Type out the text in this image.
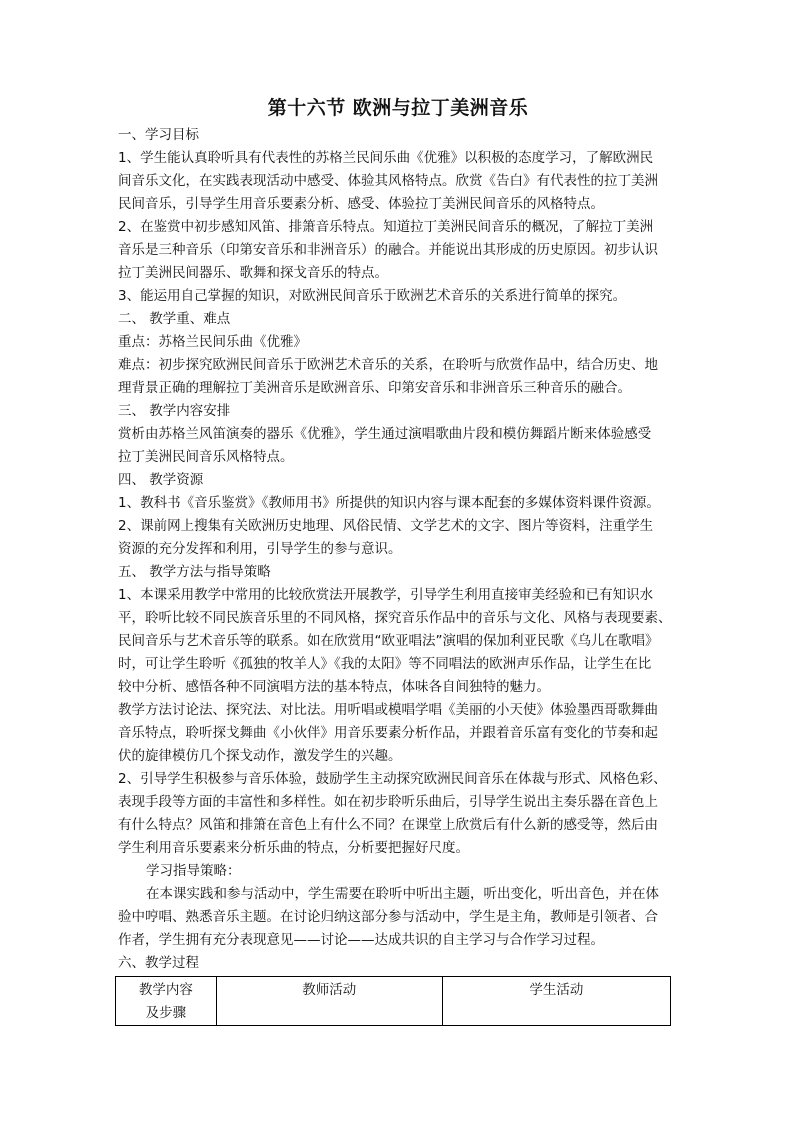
第十六节 欧洲与拉丁美洲音乐

一、学习目标

1、学生能认真聆听具有代表性的苏格兰民间乐曲《优雅》以积极的态度学习，了解欧洲民

间音乐文化，在实践表现活动中感受、体验其风格特点。欣赏《告白》有代表性的拉丁美洲

民间音乐，引导学生用音乐要素分析、感受、体验拉丁美洲民间音乐的风格特点。

2、在鉴赏中初步感知风笛、排箫音乐特点。知道拉丁美洲民间音乐的概况，了解拉丁美洲

音乐是三种音乐（印第安音乐和非洲音乐）的融合。并能说出其形成的历史原因。初步认识

拉丁美洲民间器乐、歌舞和探戈音乐的特点。

3、能运用自己掌握的知识，对欧洲民间音乐于欧洲艺术音乐的关系进行简单的探究。

二、 教学重、难点

重点：苏格兰民间乐曲《优雅》

难点：初步探究欧洲民间音乐于欧洲艺术音乐的关系，在聆听与欣赏作品中，结合历史、地

理背景正确的理解拉丁美洲音乐是欧洲音乐、印第安音乐和非洲音乐三种音乐的融合。

三、 教学内容安排

赏析由苏格兰风笛演奏的器乐《优雅》，学生通过演唱歌曲片段和模仿舞蹈片断来体验感受

拉丁美洲民间音乐风格特点。

四、 教学资源

1、教科书《音乐鉴赏》《教师用书》所提供的知识内容与课本配套的多媒体资料课件资源。

2、课前网上搜集有关欧洲历史地理、风俗民情、文学艺术的文字、图片等资料，注重学生

资源的充分发挥和利用，引导学生的参与意识。

五、 教学方法与指导策略

1、本课采用教学中常用的比较欣赏法开展教学，引导学生利用直接审美经验和已有知识水

平，聆听比较不同民族音乐里的不同风格，探究音乐作品中的音乐与文化、风格与表现要素、

民间音乐与艺术音乐等的联系。如在欣赏用“欧亚唱法”演唱的保加利亚民歌《乌儿在歌唱》

时，可让学生聆听《孤独的牧羊人》《我的太阳》等不同唱法的欧洲声乐作品，让学生在比

较中分析、感悟各种不同演唱方法的基本特点，体味各自间独特的魅力。

教学方法讨论法、探究法、对比法。用听唱或模唱学唱《美丽的小天使》体验墨西哥歌舞曲

音乐特点，聆听探戈舞曲《小伙伴》用音乐要素分析作品，并跟着音乐富有变化的节奏和起

伏的旋律模仿几个探戈动作，激发学生的兴趣。

2、引导学生积极参与音乐体验，鼓励学生主动探究欧洲民间音乐在体裁与形式、风格色彩、

表现手段等方面的丰富性和多样性。如在初步聆听乐曲后，引导学生说出主奏乐器在音色上

有什么特点？风笛和排箫在音色上有什么不同？在课堂上欣赏后有什么新的感受等，然后由

学生利用音乐要素来分析乐曲的特点，分析要把握好尺度。

学习指导策略：

在本课实践和参与活动中，学生需要在聆听中听出主题，听出变化，听出音色，并在体

验中哼唱、熟悉音乐主题。在讨论归纳这部分参与活动中，学生是主角，教师是引领者、合

作者，学生拥有充分表现意见——讨论——达成共识的自主学习与合作学习过程。

六、教学过程

教学内容
及步骤	教师活动	学生活动
